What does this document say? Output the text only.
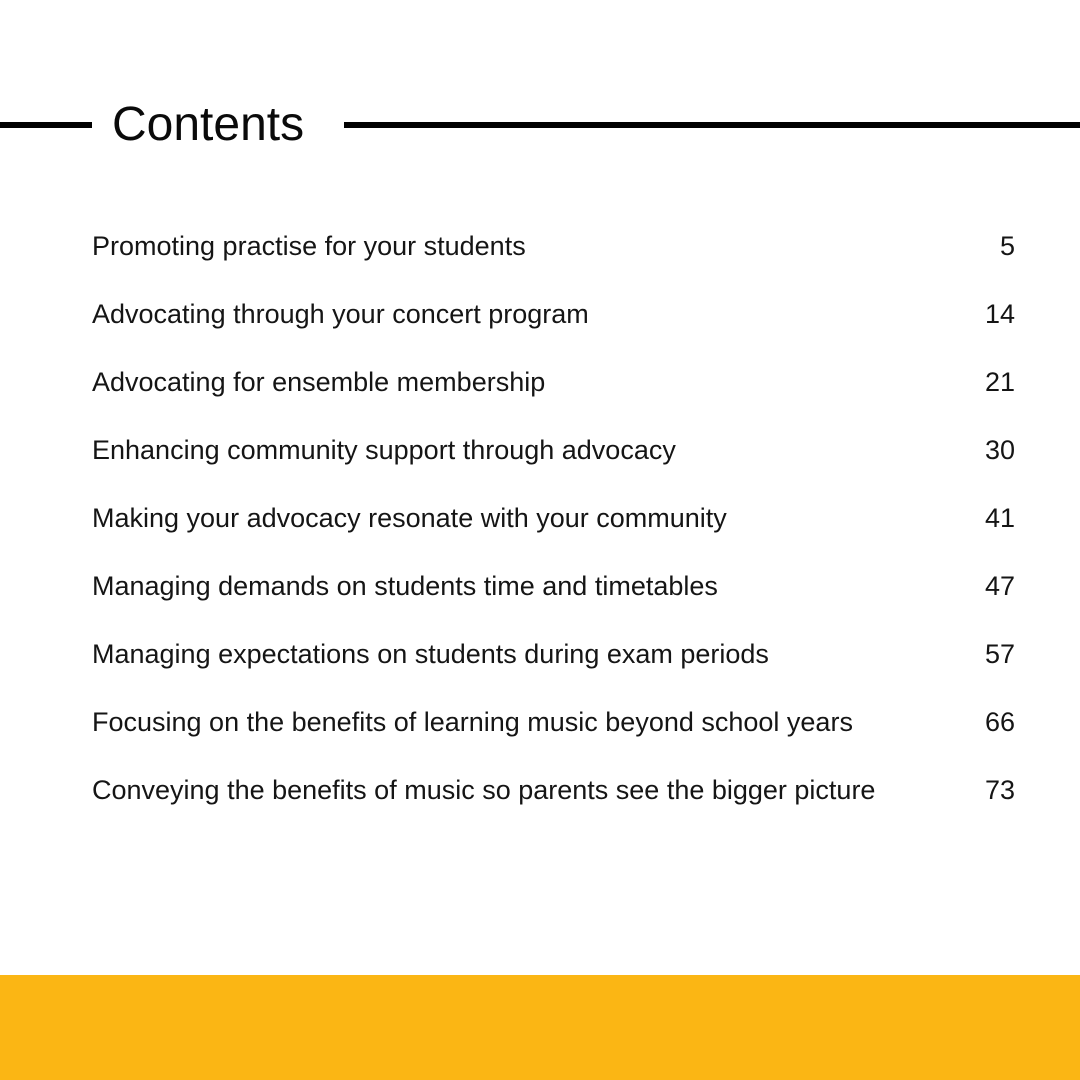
Contents
Promoting practise for your students	5
Advocating through your concert program	14
Advocating for ensemble membership	21
Enhancing community support through advocacy	30
Making your advocacy resonate with your community	41
Managing demands on students time and timetables	47
Managing expectations on students during exam periods	57
Focusing on the benefits of learning music beyond school years	66
Conveying the benefits of music so parents see the bigger picture	73
